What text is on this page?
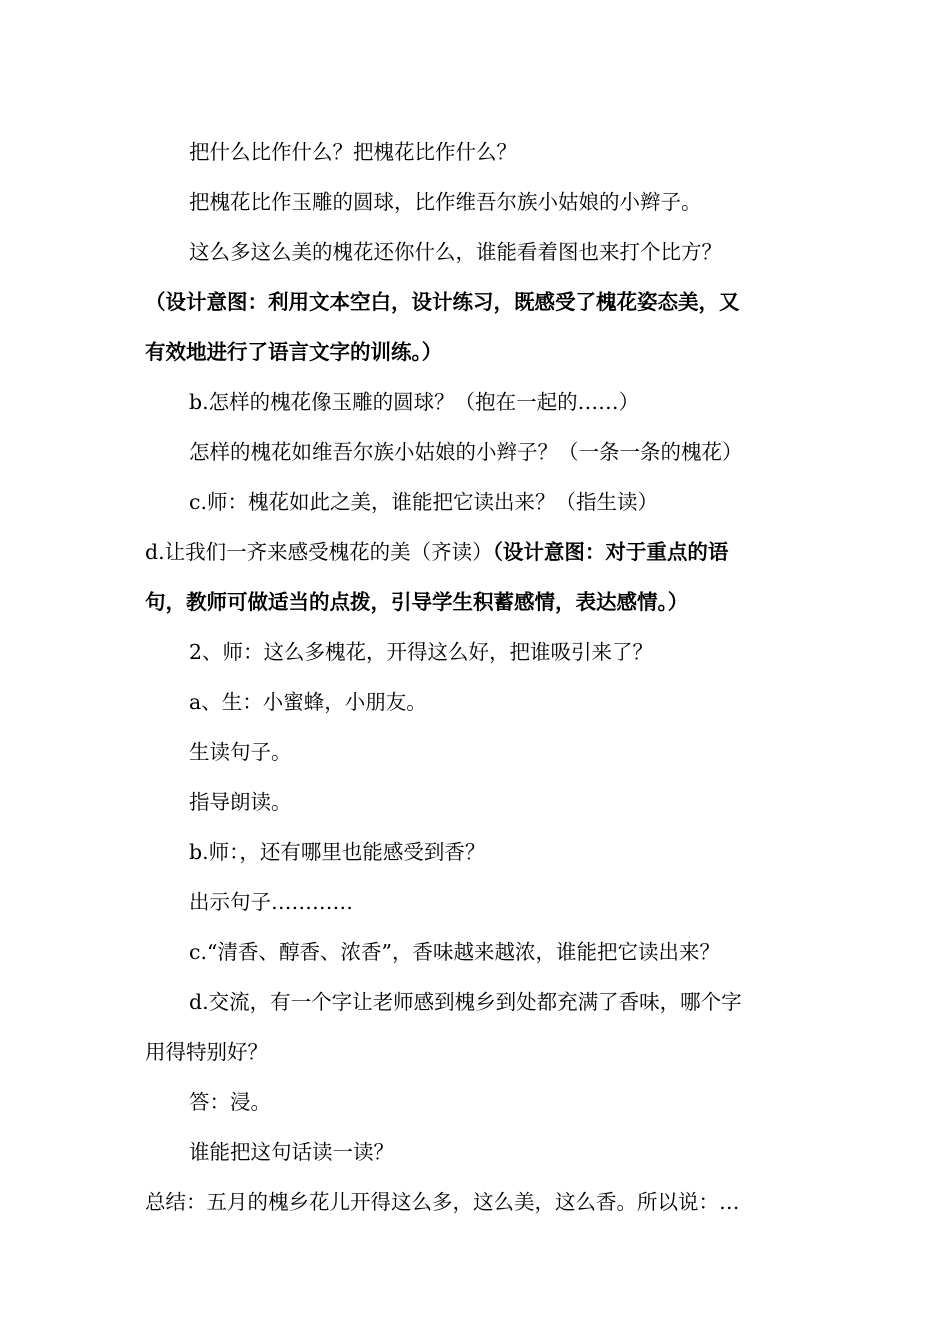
把什么比作什么？把槐花比作什么？
把槐花比作玉雕的圆球，比作维吾尔族小姑娘的小辫子。
这么多这么美的槐花还你什么，谁能看着图也来打个比方？
（设计意图：利用文本空白，设计练习，既感受了槐花姿态美，又
有效地进行了语言文字的训练。）
b.怎样的槐花像玉雕的圆球？（抱在一起的……）
怎样的槐花如维吾尔族小姑娘的小辫子？（一条一条的槐花）
c.师：槐花如此之美，谁能把它读出来？（指生读）
d.让我们一齐来感受槐花的美（齐读）（设计意图：对于重点的语
句，教师可做适当的点拨，引导学生积蓄感情，表达感情。）
2、师：这么多槐花，开得这么好，把谁吸引来了？
a、生：小蜜蜂，小朋友。
生读句子。
指导朗读。
b.师：，还有哪里也能感受到香？
出示句子…………
c.“清香、醇香、浓香”，香味越来越浓，谁能把它读出来？
d.交流，有一个字让老师感到槐乡到处都充满了香味，哪个字
用得特别好？
答：浸。
谁能把这句话读一读？
总结：五月的槐乡花儿开得这么多，这么美，这么香。所以说：…
